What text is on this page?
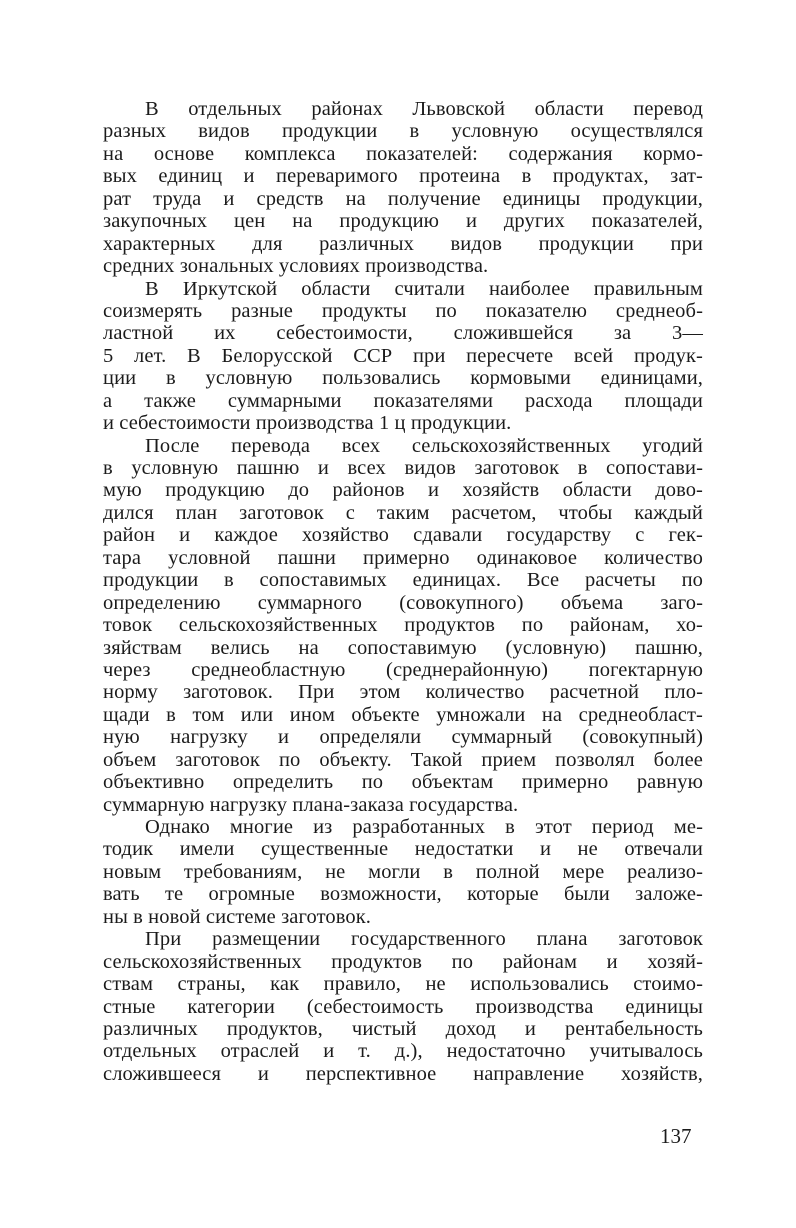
В отдельных районах Львовской области перевод
разных видов продукции в условную осуществлялся
на основе комплекса показателей: содержания кормо-
вых единиц и переваримого протеина в продуктах, зат-
рат труда и средств на получение единицы продукции,
закупочных цен на продукцию и других показателей,
характерных для различных видов продукции при
средних зональных условиях производства.
В Иркутской области считали наиболее правильным
соизмерять разные продукты по показателю среднеоб-
ластной их себестоимости, сложившейся за 3—
5 лет. В Белорусской ССР при пересчете всей продук-
ции в условную пользовались кормовыми единицами,
а также суммарными показателями расхода площади
и себестоимости производства 1 ц продукции.
После перевода всех сельскохозяйственных угодий
в условную пашню и всех видов заготовок в сопостави-
мую продукцию до районов и хозяйств области дово-
дился план заготовок с таким расчетом, чтобы каждый
район и каждое хозяйство сдавали государству с гек-
тара условной пашни примерно одинаковое количество
продукции в сопоставимых единицах. Все расчеты по
определению суммарного (совокупного) объема заго-
товок сельскохозяйственных продуктов по районам, хо-
зяйствам велись на сопоставимую (условную) пашню,
через среднеобластную (среднерайонную) погектарную
норму заготовок. При этом количество расчетной пло-
щади в том или ином объекте умножали на среднеобласт-
ную нагрузку и определяли суммарный (совокупный)
объем заготовок по объекту. Такой прием позволял более
объективно определить по объектам примерно равную
суммарную нагрузку плана-заказа государства.
Однако многие из разработанных в этот период ме-
тодик имели существенные недостатки и не отвечали
новым требованиям, не могли в полной мере реализо-
вать те огромные возможности, которые были заложе-
ны в новой системе заготовок.
При размещении государственного плана заготовок
сельскохозяйственных продуктов по районам и хозяй-
ствам страны, как правило, не использовались стоимо-
стные категории (себестоимость производства единицы
различных продуктов, чистый доход и рентабельность
отдельных отраслей и т. д.), недостаточно учитывалось
сложившееся и перспективное направление хозяйств,
137
